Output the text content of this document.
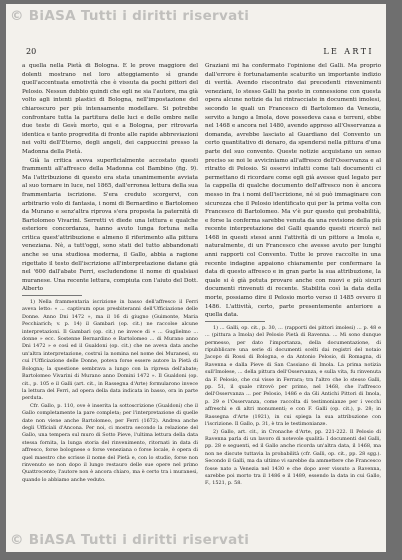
© BiASA Tutti i diritti riservati
20	LE ARTI

a quella nella Pietà di Bologna. E le prove maggiore del dolenti mostrano nel loro atteggiamento sì grande quell'accentuata emotività che è vissuta da pochi pittori del Pelosio. Nessun dubbio quindi che egli ne sia l'autore, ma già volto agli intenti plastici di Bologna, nell'impostazione del chiaroscuro per più intensamente modellare. Si potrebbe confrontare tutta la partitura delle luci e delle ombre nelle due teste di Gesù morto, qui e a Bologna, per ritrovarla identica e tanto progredita di fronte alle rapide abbreviazioni nei volti dell'Eterno, degli angeli, dei cappuccini presso la Madonna della Pietà.

Già la critica aveva superficialmente accostato questi frammenti all'affresco della Madonna col Bambino (fig. 9). Ma l'attribuzione di questo era stata unanimemente avviata al suo tornare in luce, nel 1865, dall'erronea lettura della sua frammentaria iscrizione. S'era creduto scorgervi, con arbitrario volo di fantasia, i nomi di Bernardino e Bartolomeo da Murano e senz'altra riprova s'era proposta la paternità di Bartolomeo Vivarini. Serretti vi diede una lettura e qualche esteriore concordanza, hanno avuto lunga fortuna nella critica quest'attribuzione e almeno il riferimento alla pittura veneziana. Nè, a tutt'oggi, sono stati del tutto abbandonati anche se una studiosa moderna, il Gallo, abbia a ragione rigettato il testo dell'iscrizione all'interpretazione datane già nel '600 dall'abate Ferri, escludendone il nome di qualsiasi muranese. Una recente lettura, compiuta con l'aiuto del Dott. Alberto

1) Nella frammentaria iscrizione in basso dell'affresco il Ferri aveva letto: « ... captivum opus presbiteranni dell'Ufficiazione delle Donne. Anno Dni 1472 », ma il 16 di giugno (Guimonte, Maria Pecchiarich; v. p. 14) il Gambari (op. cit.) ne raccolse alcune interpretazioni. Il Gambari (op. cit.) ne invece di « ... Guglielmo ... donne » ecc. Sostenne Bernardino e Bartolomeo ... di Murano anno Dni 1472 » e così ed il Gualdoni (op. cit.) che ne aveva data anche un'altra interpretazione, costruì la nomina nel nome dei Muranesi, su cui l'Ufficiazione delle Donne, poteva forse essere autore la Pietà di Bologna; la questione sembrava a lungo con la ripresa dell'abate; Bartolomeo Vivarini di Murano anno Domini 1472 ». Il Gualdoni (op. cit., p. 105 e il Galli (art. cit., in Rassegna d'Arte) formularono invece la lettura del Ferri, ad opera della data indicata in basso, ora in parte perduta.

Cfr. Gallo, p. 110, ove è inserita la sottoscrizione (Gualdoni) che il Gallo completamente la pare completa; per l'interpretazione di quelle date non viene anche Bartolomeo, per Ferri (1672). Andrea anche degli Ufficiali d'Ancona. Per noi, ci mostra secondo la relazione del Gallo, una tempera sul muro di Sotto Pieve, l'ultima lettura della data stessa fornita, la lunga storia del rinvenimento, ritornati in data di affresco, forse bolognese o forse veneziana o forse locale, è opera di quel maestro che scrisse il nome del Pietà e, con lo studio, forse non rinvenuto se non dopo il lungo restauro delle sue opere nel primo Quattrocento; l'autore non è ancora chiaro, ma è certo tra i muranesi, quando lo abbiamo anche veduto.

Graziani mi ha confermato l'opinione del Galli. Ma proprio dall'errore è fortunatamente scaturito un importante indizio di verità. Avendo riscontrato dai precedenti rinvenimenti veneziani, lo stesso Galli ha posto in connessione con questa opera alcune notizie da lui rintracciate in documenti imolesi, secondo le quali un Francesco di Bartolomeo da Venezia, servito a lungo a Imola, dove possedeva casa e terreni, ebbe nel 1468 e ancora nel 1480, avendo appreso all'Osservanza a domanda, avrebbe lasciato al Guardiano del Convento un certo quantitativo di denaro, da spendersi nella pittura d'una parte del suo convento. Queste notizie acquistano un senso preciso se noi le avviciniamo all'affresco dell'Osservanza e al ritratto di Pelosio. Si osservi infatti come tali documenti ci permettano di ricordare come egli già avesse quel legato per la cappella di qualche documento dell'affresco non è ancora messo in fra i nomi dell'iscrizione, né si può immaginare con sicurezza che il Pelosio identificato qui per la prima volta con Francesco di Bartolomeo. Ma v'è pur questo qui probabilità, e forse la conferma sarebbe venuta da una revisione della più recente interpretazione del Galli quando questi ricercò nel 1468 in questi stessi anni l'attività di un pittore a Imola e, naturalmente, di un Francesco che avesse avuto per lunghi anni rapporti col Convento. Tutte le prove raccolte in una recente indagine appaiono chiaramente per confermare la data di questo affresco e in gran parte la sua attribuzione, la quale si è già potuta provare anche con nuovi e più sicuri documenti rinvenuti di recente. Stabilita così la data della morte, possiamo dire il Pelosio morto verso il 1485 ovvero il 1486. L'attività, certo, parte presentemente anteriore a quella data.

1) ... Galli, op. cit., p. 30, ... (rapporti dei pittori imolesi) ... p. 48 e ... (pittura a Imola) del Pelosio Pietà di Ravenna. ... Mi sono dunque permesso, per dato l'importanza, della documentazione, di ripubblicare una serie di documenti scelti dai registri del notaio Jacopo di Rossi di Bologna, e da Antonio Pelosio, di Romagna, di Ravenna e dalla Pieve di San Cassiano di Imola. La prima notizia sull'Imolese, ... della pittura dell'Osservanza, e sulla vita, fu rinvenuta da F. Pelosio, che cui visse in Ferrara; tra l'altro che lo stesso Galli, pp. 51, il quale ritrovò per primo, nel 1468, che l'affresco dell'Osservanza ... per Pelosio, 1486 e da Gli Antichi Pittori di Imola, p. 29 e l'Osservanza, come raccolta di testimonianze per i vecchi affreschi e di altri monumenti; e con F. Galli (op. cit.), p. 28; in Rassegna d'Arte (1921), in cui spiega la sua attribuzione con l'iscrizione. Il Gallo, p. 31, è tra le testimonianze.

2) Gallo, art. cit., in Cronache d'Arte, pp. 221-222. Il Pelosio di Ravenna parla di un lavoro di notevole qualità: I documenti del Galli, pp. 28 e seguenti, ed il Gallo anche ricorda un'altra data, il 1468, ma non ne discute tuttavia la probabilità (cfr. Galli, op. cit., pp. 28 sgg.). Secondo il Galli, ma da ultimo vi sarebbe da ammettere che Francesco fosse nato a Venezia nel 1430 e che dopo aver vissuto a Ravenna, sarebbe poi morto tra il 1486 e il 1489, essendo la data in cui Gallo, F., 1521, p. 58.

© BiASA Tutti i diritti riservati
